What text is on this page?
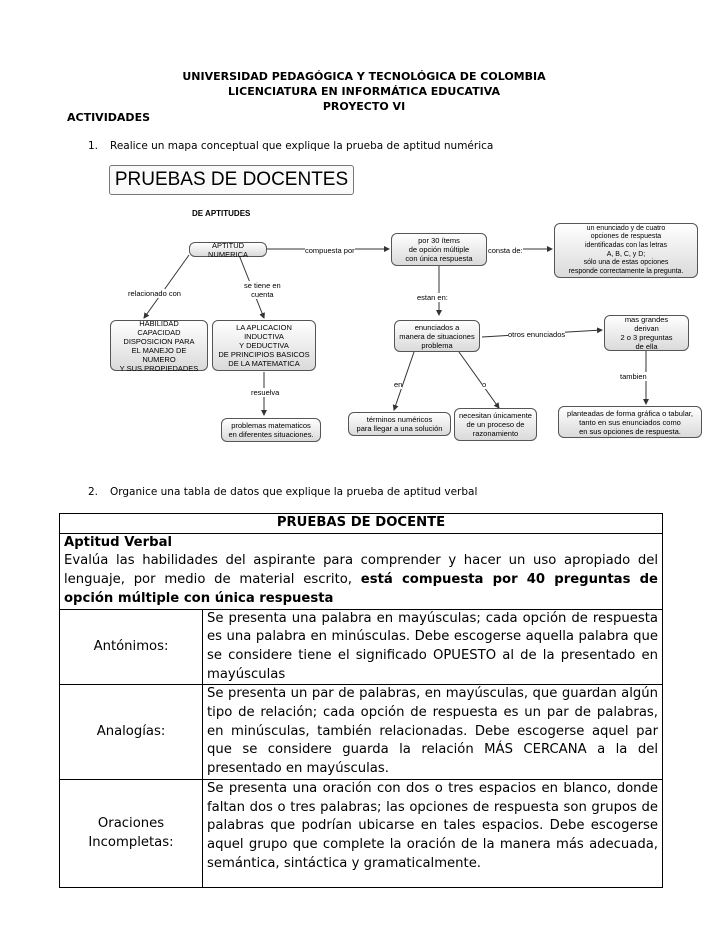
UNIVERSIDAD PEDAGÓGICA Y TECNOLÓGICA DE COLOMBIA
LICENCIATURA EN INFORMÁTICA EDUCATIVA
PROYECTO VI
ACTIVIDADES
1. Realice un mapa conceptual que explique la prueba de aptitud numérica
PRUEBAS DE DOCENTES
DE APTITUDES
APTITUD NUMERICA	compuesta por
por 30 ítems
de opción múltiple
con única respuesta
consta de:
un enunciado y de cuatro
opciones de respuesta
identificadas con las letras
A, B, C, y D;
sólo una de estas opciones
responde correctamente la pregunta.
relacionado con
se tiene en
cuenta	estan en:
HABILIDAD
CAPACIDAD
DISPOSICION PARA
EL MANEJO DE NUMERO
Y SUS PROPIEDADES
LA APLICACION INDUCTIVA
Y DEDUCTIVA
DE PRINCIPIOS BASICOS
DE LA MATEMATICA
enunciados a
manera de situaciones
problema
otros enunciados
mas grandes
derivan
2 o 3 preguntas
de ella
en	o
tambien
resuelva
problemas matematicos
en diferentes situaciones.
términos numéricos
para llegar a una solución
necesitan únicamente
de un proceso de
razonamiento
planteadas de forma gráfica o tabular,
tanto en sus enunciados como
en sus opciones de respuesta.
2. Organice una tabla de datos que explique la prueba de aptitud verbal
PRUEBAS DE DOCENTE	

Aptitud Verbal
Evalúa las habilidades del aspirante para comprender y hacer un uso apropiado del lenguaje, por medio de material escrito, está compuesta por 40 preguntas de opción múltiple con única respuesta	
Antónimos:	Se presenta una palabra en mayúsculas; cada opción de respuesta es una palabra en minúsculas. Debe escogerse aquella palabra que se considere tiene el significado OPUESTO al de la presentado en mayúsculas
Analogías:	Se presenta un par de palabras, en mayúsculas, que guardan algún tipo de relación; cada opción de respuesta es un par de palabras, en minúsculas, también relacionadas. Debe escogerse aquel par que se considere guarda la relación MÁS CERCANA a la del presentado en mayúsculas.
Oraciones Incompletas:	Se presenta una oración con dos o tres espacios en blanco, donde faltan dos o tres palabras; las opciones de respuesta son grupos de palabras que podrían ubicarse en tales espacios. Debe escogerse aquel grupo que complete la oración de la manera más adecuada, semántica, sintáctica y gramaticalmente.
